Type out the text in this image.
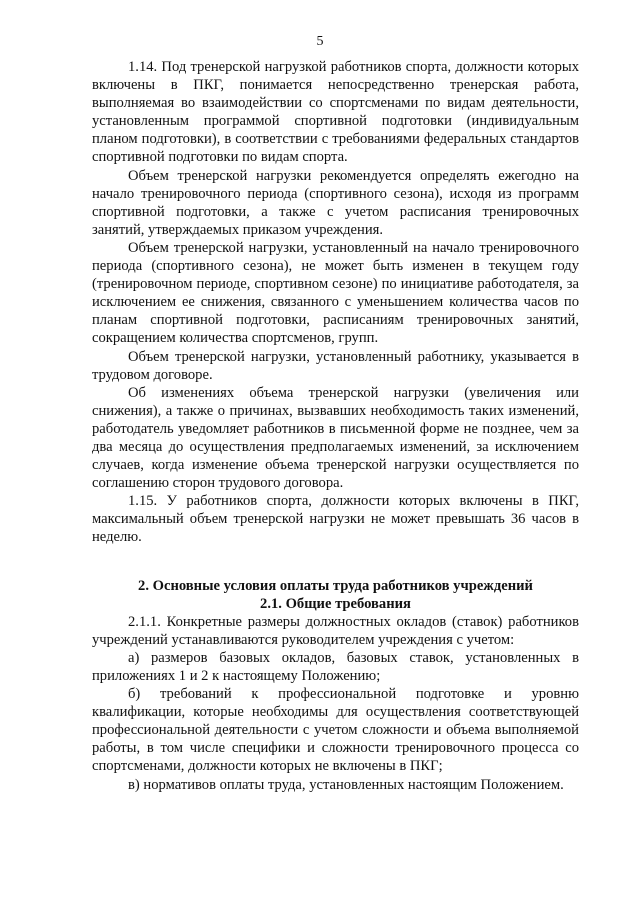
5

1.14. Под тренерской нагрузкой работников спорта, должности которых включены в ПКГ, понимается непосредственно тренерская работа, выполняемая во взаимодействии со спортсменами по видам деятельности, установленным программой спортивной подготовки (индивидуальным планом подготовки), в соответствии с требованиями федеральных стандартов спортивной подготовки по видам спорта.

Объем тренерской нагрузки рекомендуется определять ежегодно на начало тренировочного периода (спортивного сезона), исходя из программ спортивной подготовки, а также с учетом расписания тренировочных занятий, утверждаемых приказом учреждения.

Объем тренерской нагрузки, установленный на начало тренировочного периода (спортивного сезона), не может быть изменен в текущем году (тренировочном периоде, спортивном сезоне) по инициативе работодателя, за исключением ее снижения, связанного с уменьшением количества часов по планам спортивной подготовки, расписаниям тренировочных занятий, сокращением количества спортсменов, групп.

Объем тренерской нагрузки, установленный работнику, указывается в трудовом договоре.

Об изменениях объема тренерской нагрузки (увеличения или снижения), а также о причинах, вызвавших необходимость таких изменений, работодатель уведомляет работников в письменной форме не позднее, чем за два месяца до осуществления предполагаемых изменений, за исключением случаев, когда изменение объема тренерской нагрузки осуществляется по соглашению сторон трудового договора.

1.15. У работников спорта, должности которых включены в ПКГ, максимальный объем тренерской нагрузки не может превышать 36 часов в неделю.

2. Основные условия оплаты труда работников учреждений
2.1. Общие требования

2.1.1. Конкретные размеры должностных окладов (ставок) работников учреждений устанавливаются руководителем учреждения с учетом:

а) размеров базовых окладов, базовых ставок, установленных в приложениях 1 и 2 к настоящему Положению;

б) требований к профессиональной подготовке и уровню квалификации, которые необходимы для осуществления соответствующей профессиональной деятельности с учетом сложности и объема выполняемой работы, в том числе специфики и сложности тренировочного процесса со спортсменами, должности которых не включены в ПКГ;

в) нормативов оплаты труда, установленных настоящим Положением.
